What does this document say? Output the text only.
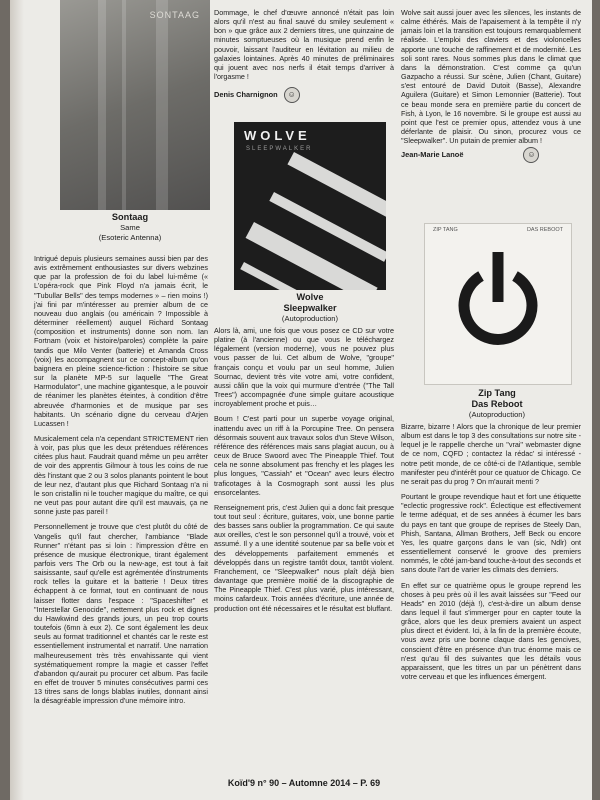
SONTAAG
Sontaag
Same
(Esoteric Antenna)

Intrigué depuis plusieurs semaines aussi bien par des avis extrêmement enthousiastes sur divers webzines que par la profession de foi du label lui-même (« L'opéra-rock que Pink Floyd n'a jamais écrit, le "Tubullar Bells" des temps modernes » – rien moins !) j'ai fini par m'intéresser au premier album de ce nouveau duo anglais (ou américain ? Impossible à déterminer réellement) auquel Richard Sontaag (composition et instruments) donne son nom. Ian Fortnam (voix et histoire/paroles) complète la paire tandis que Milo Venter (batterie) et Amanda Cross (voix) les accompagnent sur ce concept-album qu'on baignera en pleine science-fiction : l'histoire se situe sur la planète MP-5 sur laquelle "The Great Harmodulator", une machine gigantesque, a le pouvoir de réanimer les planètes éteintes, à condition d'être abreuvée d'harmonies et de musique par ses habitants. Un scénario digne du cerveau d'Arjen Lucassen !

Musicalement cela n'a cependant STRICTEMENT rien à voir, pas plus que les deux prétendues références citées plus haut. Faudrait quand même un peu arrêter de voir des apprentis Gilmour à tous les coins de rue dès l'instant que 2 ou 3 solos planants pointent le bout de leur nez, d'autant plus que Richard Sontaag n'a ni le son cristallin ni le toucher magique du maître, ce qui ne veut pas pour autant dire qu'il est mauvais, ça ne sonne juste pas pareil !

Personnellement je trouve que c'est plutôt du côté de Vangelis qu'il faut chercher, l'ambiance "Blade Runner" n'étant pas si loin : l'impression d'être en présence de musique électronique, tirant également parfois vers The Orb ou la new-age, est tout à fait saisissante, sauf qu'elle est agrémentée d'instruments rock telles la guitare et la batterie ! Deux titres échappent à ce format, tout en continuant de nous laisser flotter dans l'espace : "Spaceshifter" et "Interstellar Genocide", nettement plus rock et dignes du Hawkwind des grands jours, un peu trop courts toutefois (6mn à eux 2). Ce sont également les deux seuls au format traditionnel et chantés car le reste est essentiellement instrumental et narratif. Une narration malheureusement très très envahissante qui vient systématiquement rompre la magie et casser l'effet d'abandon qu'aurait pu procurer cet album. Pas facile en effet de trouver 5 minutes consécutives parmi ces 13 titres sans de longs blablas inutiles, donnant ainsi la désagréable impression d'une mémoire intro.

Dommage, le chef d'œuvre annoncé n'était pas loin alors qu'il n'est au final sauvé du smiley seulement « bon » que grâce aux 2 derniers titres, une quinzaine de minutes somptueuses où la musique prend enfin le pouvoir, laissant l'auditeur en lévitation au milieu de galaxies lointaines. Après 40 minutes de préliminaires qui jouent avec nos nerfs il était temps d'arriver à l'orgasme !

Denis Charnignon ☺
WOLVE
SLEEPWALKER
Wolve
Sleepwalker
(Autoproduction)

Alors là, ami, une fois que vous posez ce CD sur votre platine (à l'ancienne) ou que vous le téléchargez légalement (version moderne), vous ne pouvez plus vous passer de lui. Cet album de Wolve, "groupe" français conçu et voulu par un seul homme, Julien Sournac, devient très vite votre ami, votre confident, aussi câlin que la voix qui murmure d'entrée ("The Tall Trees") accompagnée d'une simple guitare acoustique incroyablement proche et puis…

Boum ! C'est parti pour un superbe voyage original, inattendu avec un riff à la Porcupine Tree. On pensera désormais souvent aux travaux solos d'un Steve Wilson, référence des références mais sans plagiat aucun, ou à ceux de Bruce Swoord avec The Pineapple Thief. Tout cela ne sonne absolument pas frenchy et les plages les plus longues, "Cassiah" et "Ocean" avec leurs électro traficotages à la Cosmograph sont aussi les plus ensorcelantes.

Renseignement pris, c'est Julien qui a donc fait presque tout tout seul : écriture, guitares, voix, une bonne partie des basses sans oublier la programmation. Ce qui saute aux oreilles, c'est le son personnel qu'il a trouvé, voix et assumé. Il y a une identité soutenue par sa belle voix et des développements parfaitement emmenés et développés dans un registre tantôt doux, tantôt violent. Franchement, ce "Sleepwalker" nous plaît déjà bien davantage que première moitié de la discographie de The Pineapple Thief. C'est plus varié, plus intéressant, moins cafardeux. Trois années d'écriture, une année de production ont été nécessaires et le résultat est bluffant.

Wolve sait aussi jouer avec les silences, les instants de calme éthérés. Mais de l'apaisement à la tempête il n'y jamais loin et la transition est toujours remarquablement réalisée. L'emploi des claviers et des violoncelles apporte une touche de raffinement et de modernité. Les soli sont rares. Nous sommes plus dans le climat que dans la démonstration. C'est comme ça qu'un Gazpacho a réussi. Sur scène, Julien (Chant, Guitare) s'est entouré de David Dutoit (Basse), Alexandre Aguilera (Guitare) et Simon Lemonnier (Batterie). Tout ce beau monde sera en première partie du concert de Fish, à Lyon, le 16 novembre. Si le groupe est aussi au point que l'est ce premier opus, attendez vous à une déferlante de plaisir. Ou sinon, procurez vous ce "Sleepwalker". Un putain de premier album !

Jean-Marie Lanoë	☺
ZIP TANG	DAS REBOOT
Zip Tang
Das Reboot
(Autoproduction)

Bizarre, bizarre ! Alors que la chronique de leur premier album est dans le top 3 des consultations sur notre site - lequel je le rappelle cherche un "vrai" webmaster digne de ce nom, CQFD ; contactez la rédac' si intéressé - notre petit monde, de ce côté-ci de l'Atlantique, semble manifester peu d'intérêt pour ce quatuor de Chicago. Ce ne serait pas du prog ? On m'aurait menti ?

Pourtant le groupe revendique haut et fort une étiquette "eclectic progressive rock". Éclectique est effectivement le terme adéquat, et de ses années à écumer les bars du pays en tant que groupe de reprises de Steely Dan, Phish, Santana, Allman Brothers, Jeff Beck ou encore Yes, les quatre garçons dans le van (sic, Ndlr) ont essentiellement conservé le groove des premiers nommés, le côté jam-band touche-à-tout des seconds et sans doute l'art de varier les climats des derniers.

En effet sur ce quatrième opus le groupe reprend les choses à peu près où il les avait laissées sur "Feed our Heads" en 2010 (déjà !), c'est-à-dire un album dense dans lequel il faut s'immerger pour en capter toute la grâce, alors que les deux premiers avaient un aspect plus direct et évident. Ici, à la fin de la première écoute, vous avez pris une bonne claque dans les gencives, conscient d'être en présence d'un truc énorme mais ce n'est qu'au fil des suivantes que les détails vous apparaissent, que les titres un par un pénètrent dans votre cerveau et que les influences émergent.

Koïd'9 n° 90 – Automne 2014 – P. 69
